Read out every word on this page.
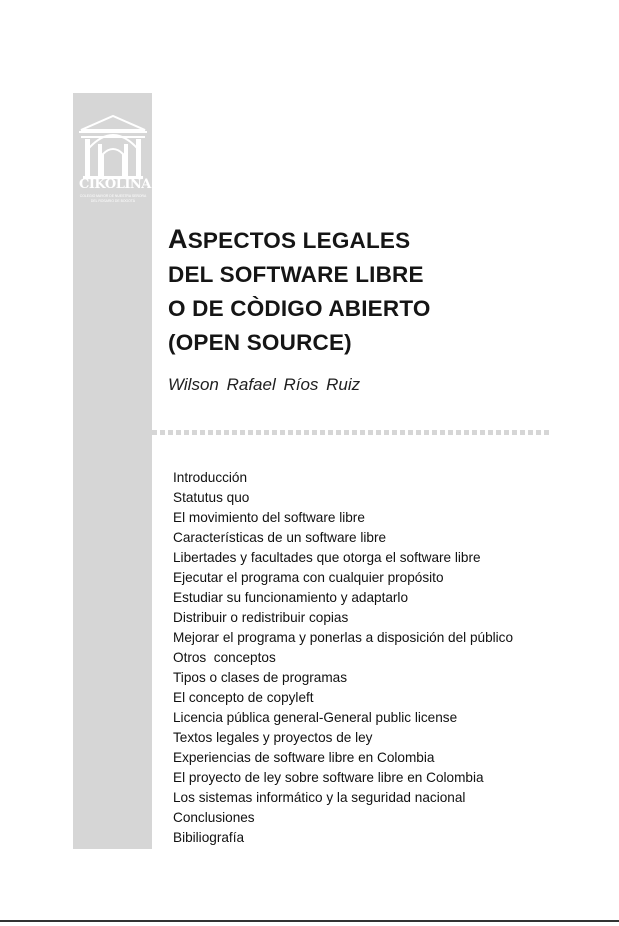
CIKOLINA
COLEGIO MAYOR DE NUESTRA SEÑORA
DEL ROSARIO DE BOGOTÁ
ASPECTOS LEGALES
DEL SOFTWARE LIBRE
O DE CÒDIGO ABIERTO
(OPEN SOURCE)
Wilson Rafael Ríos Ruiz
Introducción
Statutus quo
El movimiento del software libre
Características de un software libre
Libertades y facultades que otorga el software libre
Ejecutar el programa con cualquier propósito
Estudiar su funcionamiento y adaptarlo
Distribuir o redistribuir copias
Mejorar el programa y ponerlas a disposición del público
Otros  conceptos
Tipos o clases de programas
El concepto de copyleft
Licencia pública general-General public license
Textos legales y proyectos de ley
Experiencias de software libre en Colombia
El proyecto de ley sobre software libre en Colombia
Los sistemas informático y la seguridad nacional
Conclusiones
Bibiliografía
